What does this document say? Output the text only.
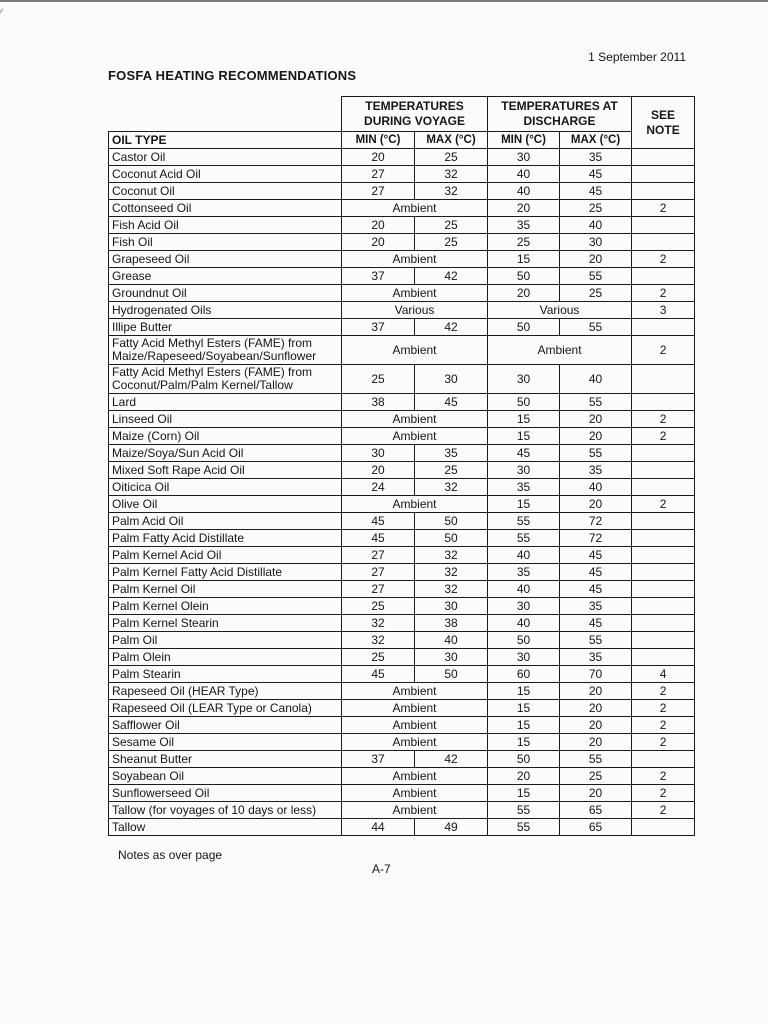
1 September 2011
FOSFA HEATING RECOMMENDATIONS
	TEMPERATURES DURING VOYAGE		TEMPERATURES AT DISCHARGE		SEE NOTE
OIL TYPE	MIN (°C)	MAX (°C)	MIN (°C)	MAX (°C)	
Castor Oil	20	25	30	35	
Coconut Acid Oil	27	32	40	45	
Coconut Oil	27	32	40	45	
Cottonseed Oil	Ambient		20	25	2
Fish Acid Oil	20	25	35	40	
Fish Oil	20	25	25	30	
Grapeseed Oil	Ambient		15	20	2
Grease	37	42	50	55	
Groundnut Oil	Ambient		20	25	2
Hydrogenated Oils	Various		Various		3
Illipe Butter	37	42	50	55	
Fatty Acid Methyl Esters (FAME) from Maize/Rapeseed/Soyabean/Sunflower	Ambient		Ambient		2
Fatty Acid Methyl Esters (FAME) from Coconut/Palm/Palm Kernel/Tallow	25	30	30	40	
Lard	38	45	50	55	
Linseed Oil	Ambient		15	20	2
Maize (Corn) Oil	Ambient		15	20	2
Maize/Soya/Sun Acid Oil	30	35	45	55	
Mixed Soft Rape Acid Oil	20	25	30	35	
Oiticica Oil	24	32	35	40	
Olive Oil	Ambient		15	20	2
Palm Acid Oil	45	50	55	72	
Palm Fatty Acid Distillate	45	50	55	72	
Palm Kernel Acid Oil	27	32	40	45	
Palm Kernel Fatty Acid Distillate	27	32	35	45	
Palm Kernel Oil	27	32	40	45	
Palm Kernel Olein	25	30	30	35	
Palm Kernel Stearin	32	38	40	45	
Palm Oil	32	40	50	55	
Palm Olein	25	30	30	35	
Palm Stearin	45	50	60	70	4
Rapeseed Oil (HEAR Type)	Ambient		15	20	2
Rapeseed Oil (LEAR Type or Canola)	Ambient		15	20	2
Safflower Oil	Ambient		15	20	2
Sesame Oil	Ambient		15	20	2
Sheanut Butter	37	42	50	55	
Soyabean Oil	Ambient		20	25	2
Sunflowerseed Oil	Ambient		15	20	2
Tallow (for voyages of 10 days or less)	Ambient		55	65	2
Tallow	44	49	55	65	
Notes as over page
A-7
